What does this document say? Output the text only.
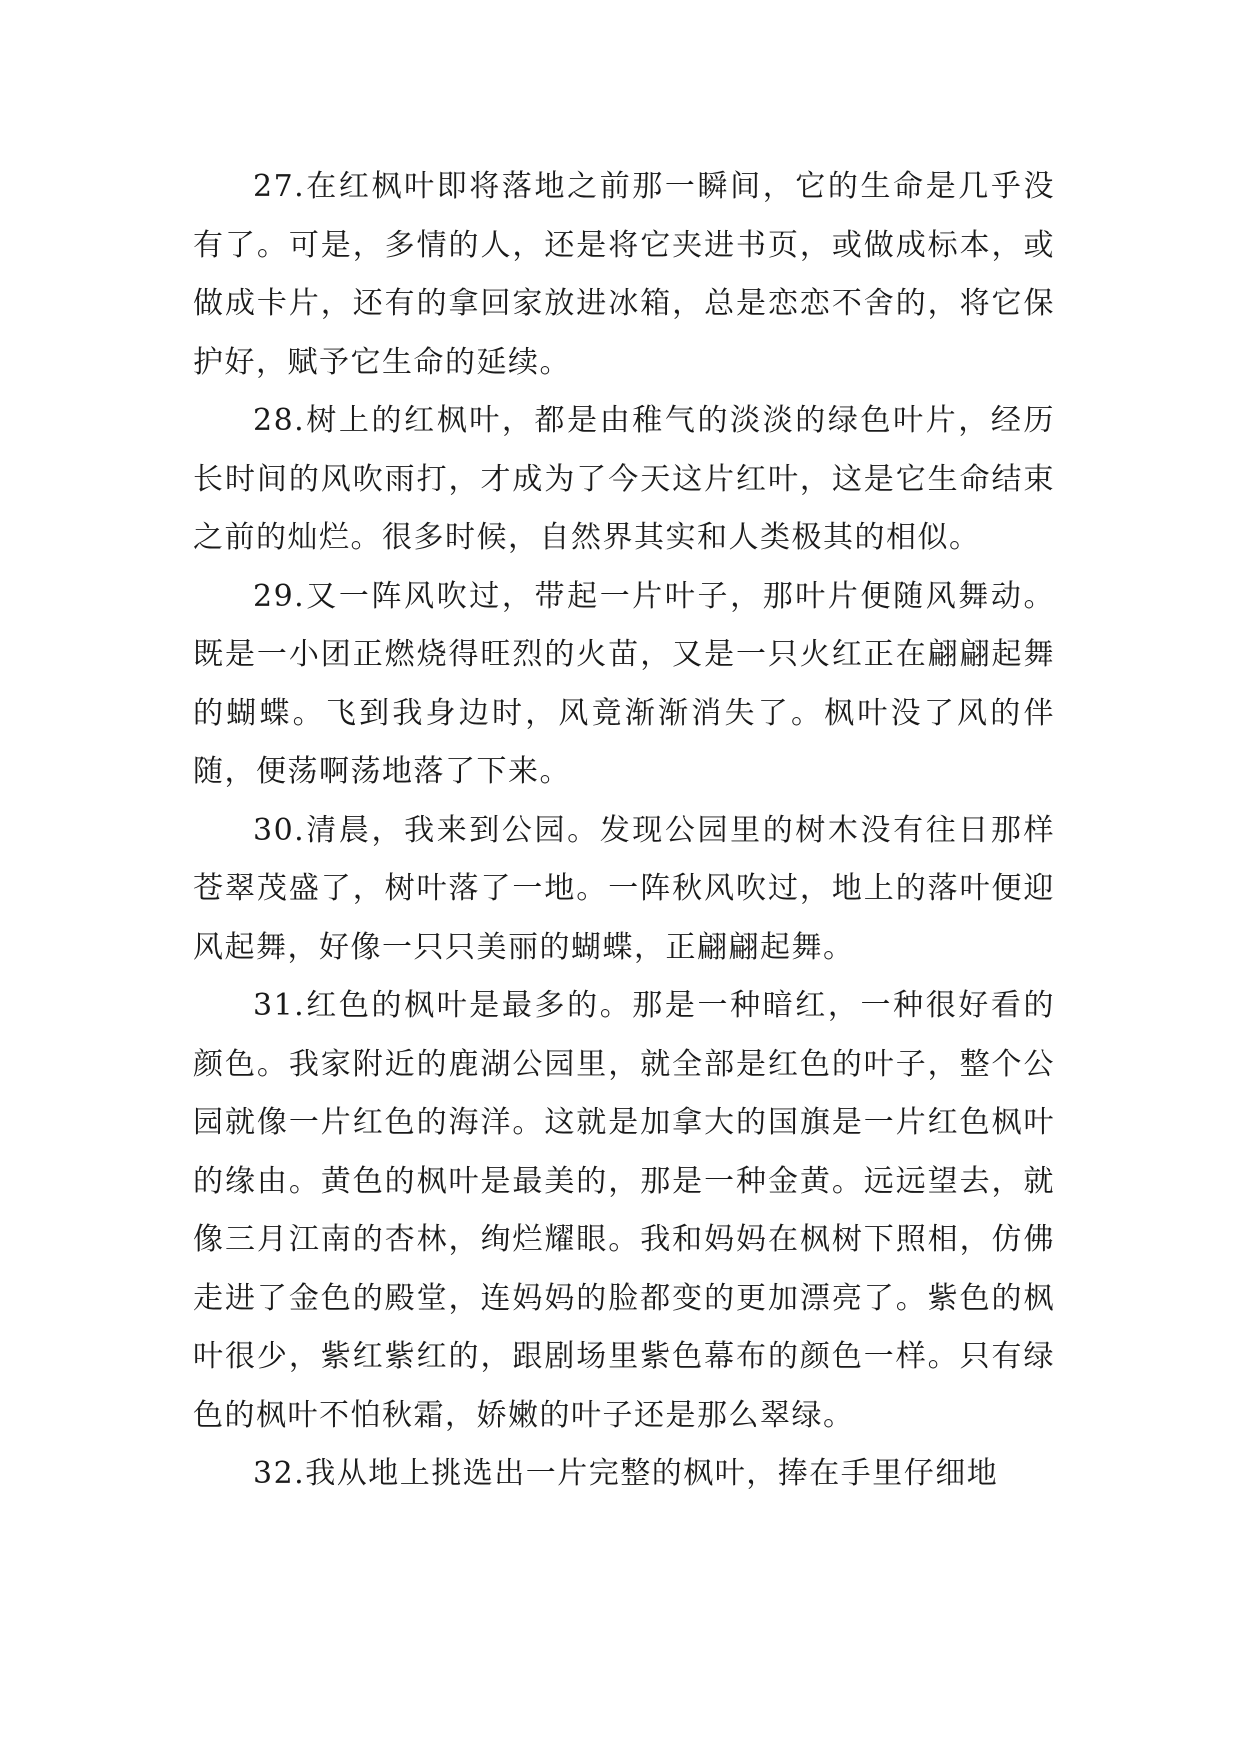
27.在红枫叶即将落地之前那一瞬间，它的生命是几乎没有了。可是，多情的人，还是将它夹进书页，或做成标本，或做成卡片，还有的拿回家放进冰箱，总是恋恋不舍的，将它保护好，赋予它生命的延续。

28.树上的红枫叶，都是由稚气的淡淡的绿色叶片，经历长时间的风吹雨打，才成为了今天这片红叶，这是它生命结束之前的灿烂。很多时候，自然界其实和人类极其的相似。

29.又一阵风吹过，带起一片叶子，那叶片便随风舞动。既是一小团正燃烧得旺烈的火苗，又是一只火红正在翩翩起舞的蝴蝶。飞到我身边时，风竟渐渐消失了。枫叶没了风的伴随，便荡啊荡地落了下来。

30.清晨，我来到公园。发现公园里的树木没有往日那样苍翠茂盛了，树叶落了一地。一阵秋风吹过，地上的落叶便迎风起舞，好像一只只美丽的蝴蝶，正翩翩起舞。

31.红色的枫叶是最多的。那是一种暗红，一种很好看的颜色。我家附近的鹿湖公园里，就全部是红色的叶子，整个公园就像一片红色的海洋。这就是加拿大的国旗是一片红色枫叶的缘由。黄色的枫叶是最美的，那是一种金黄。远远望去，就像三月江南的杏林，绚烂耀眼。我和妈妈在枫树下照相，仿佛走进了金色的殿堂，连妈妈的脸都变的更加漂亮了。紫色的枫叶很少，紫红紫红的，跟剧场里紫色幕布的颜色一样。只有绿色的枫叶不怕秋霜，娇嫩的叶子还是那么翠绿。

32.我从地上挑选出一片完整的枫叶，捧在手里仔细地
